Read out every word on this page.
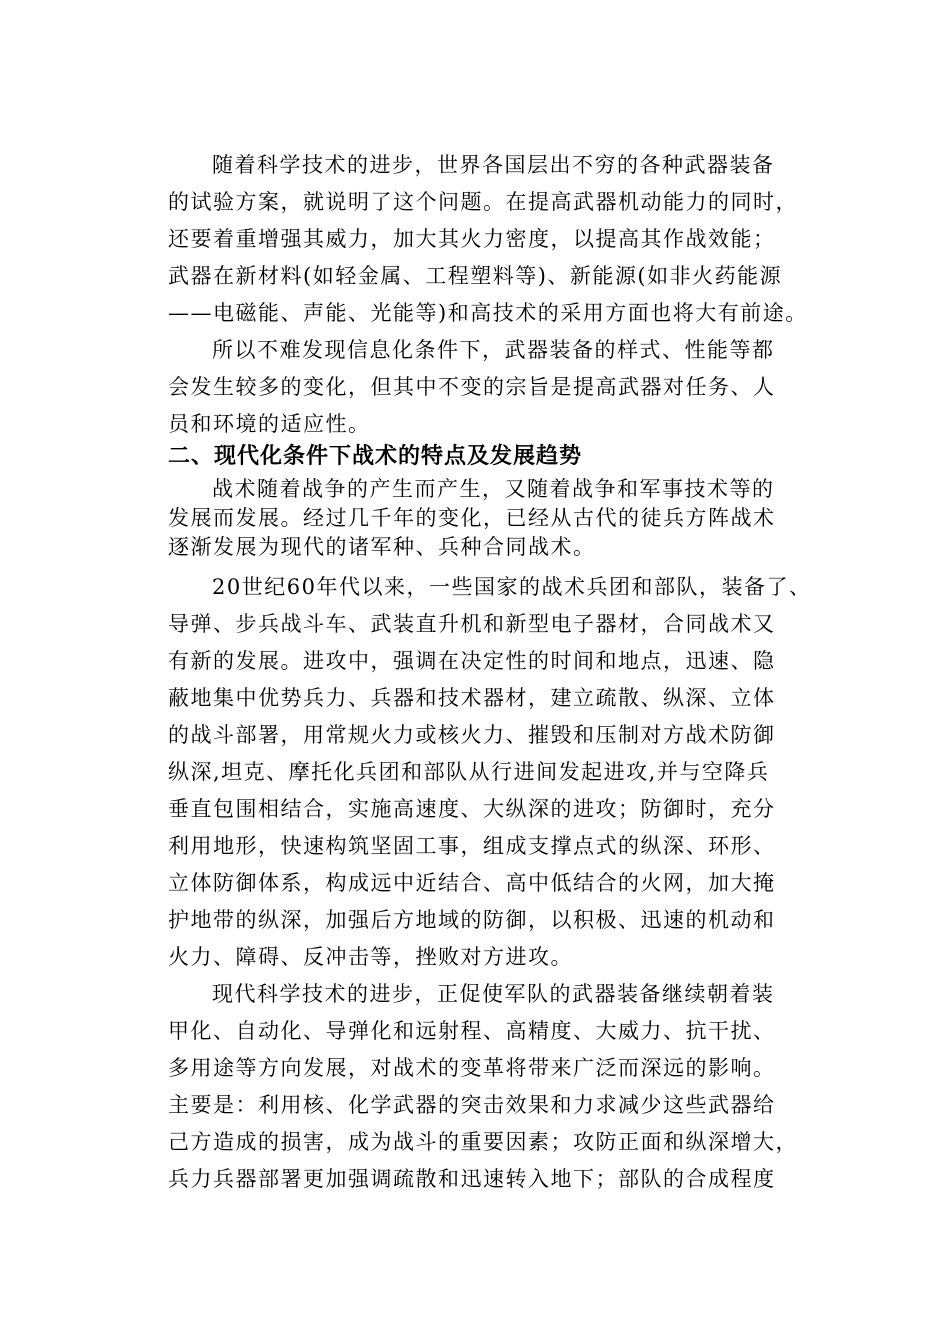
随着科学技术的进步，世界各国层出不穷的各种武器装备
的试验方案，就说明了这个问题。在提高武器机动能力的同时，
还要着重增强其威力，加大其火力密度，以提高其作战效能；
武器在新材料(如轻金属、工程塑料等)、新能源(如非火药能源
——电磁能、声能、光能等)和高技术的采用方面也将大有前途。
所以不难发现信息化条件下，武器装备的样式、性能等都
会发生较多的变化，但其中不变的宗旨是提高武器对任务、人
员和环境的适应性。
二、现代化条件下战术的特点及发展趋势
战术随着战争的产生而产生，又随着战争和军事技术等的
发展而发展。经过几千年的变化，已经从古代的徒兵方阵战术
逐渐发展为现代的诸军种、兵种合同战术。
20世纪60年代以来，一些国家的战术兵团和部队，装备了、
导弹、步兵战斗车、武装直升机和新型电子器材，合同战术又
有新的发展。进攻中，强调在决定性的时间和地点，迅速、隐
蔽地集中优势兵力、兵器和技术器材，建立疏散、纵深、立体
的战斗部署，用常规火力或核火力、摧毁和压制对方战术防御
纵深,坦克、摩托化兵团和部队从行进间发起进攻,并与空降兵
垂直包围相结合，实施高速度、大纵深的进攻；防御时，充分
利用地形，快速构筑坚固工事，组成支撑点式的纵深、环形、
立体防御体系，构成远中近结合、高中低结合的火网，加大掩
护地带的纵深，加强后方地域的防御，以积极、迅速的机动和
火力、障碍、反冲击等，挫败对方进攻。
现代科学技术的进步，正促使军队的武器装备继续朝着装
甲化、自动化、导弹化和远射程、高精度、大威力、抗干扰、
多用途等方向发展，对战术的变革将带来广泛而深远的影响。
主要是：利用核、化学武器的突击效果和力求减少这些武器给
己方造成的损害，成为战斗的重要因素；攻防正面和纵深增大，
兵力兵器部署更加强调疏散和迅速转入地下；部队的合成程度
